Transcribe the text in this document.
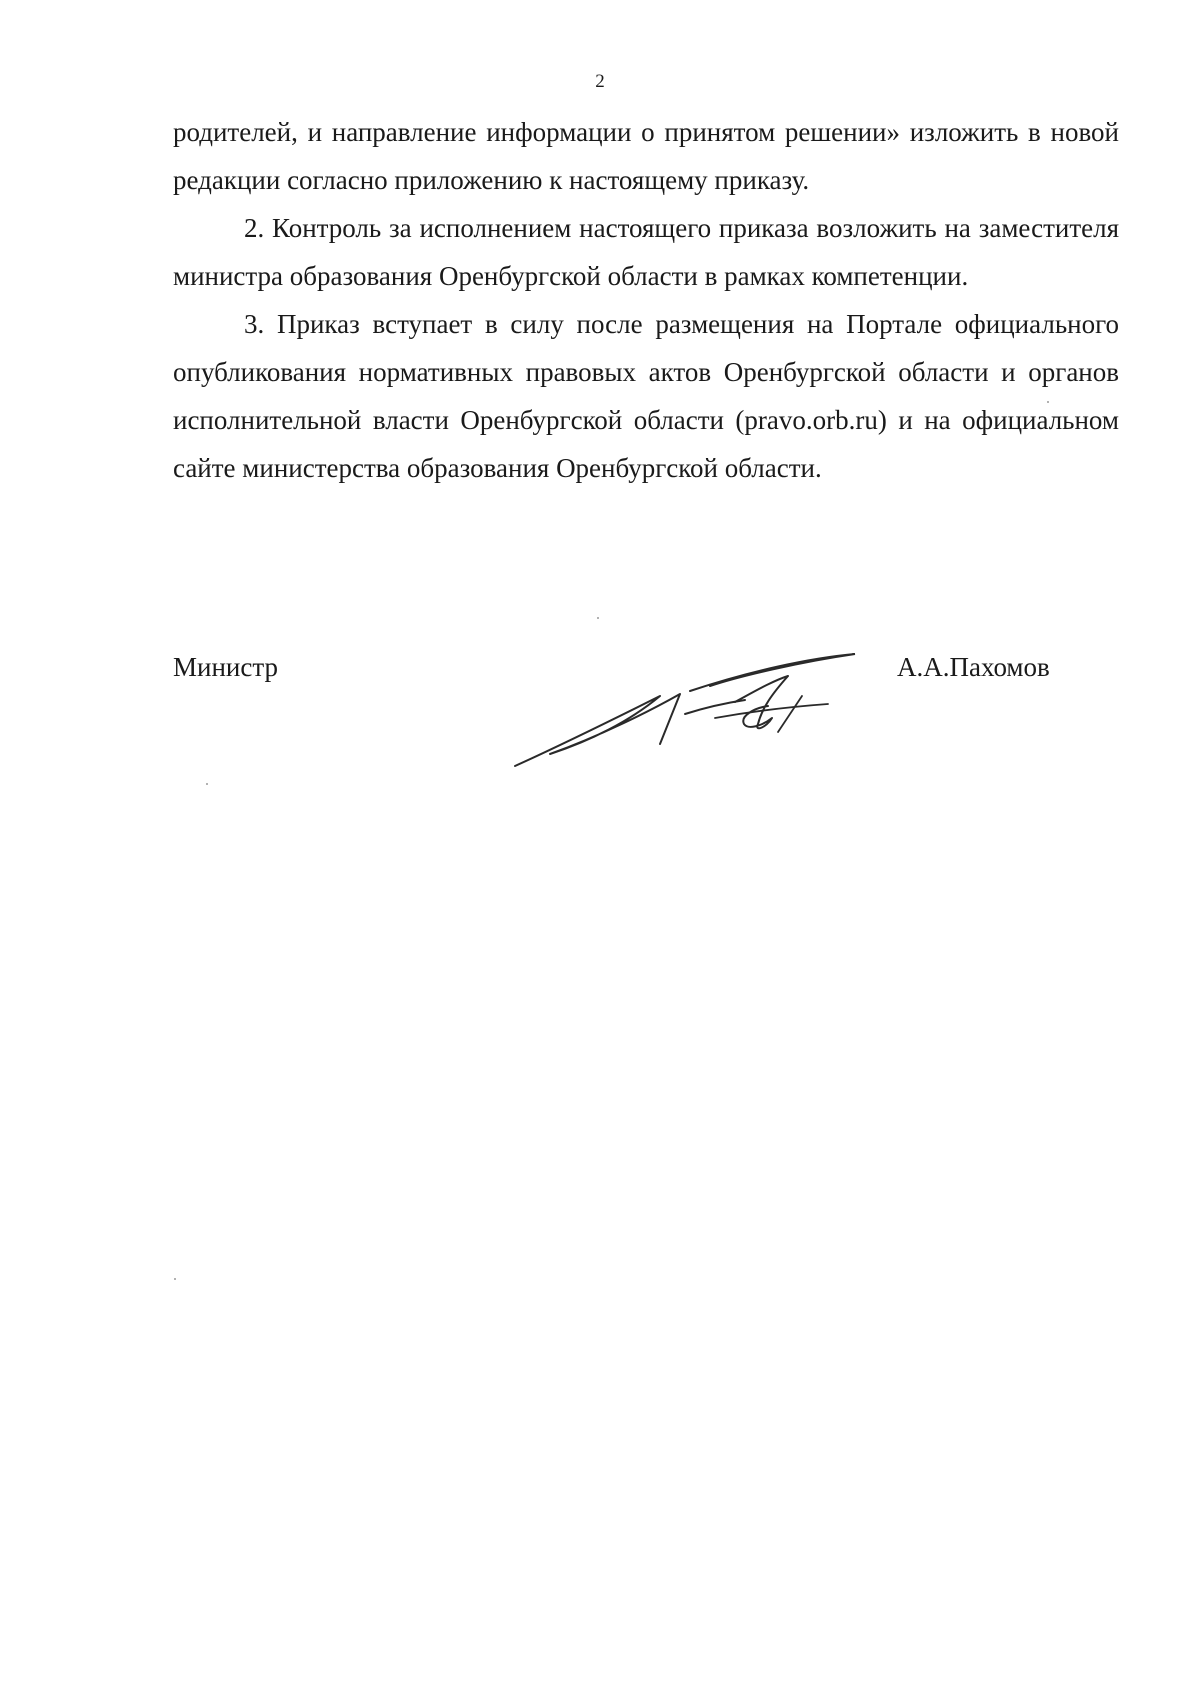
2

родителей, и направление информации о принятом решении» изложить в новой редакции согласно приложению к настоящему приказу.

2. Контроль за исполнением настоящего приказа возложить на заместителя министра образования Оренбургской области в рамках компетенции.

3. Приказ вступает в силу после размещения на Портале официального опубликования нормативных правовых актов Оренбургской области и органов исполнительной власти Оренбургской области (pravo.orb.ru) и на официальном сайте министерства образования Оренбургской области.

Министр	А.А.Пахомов
